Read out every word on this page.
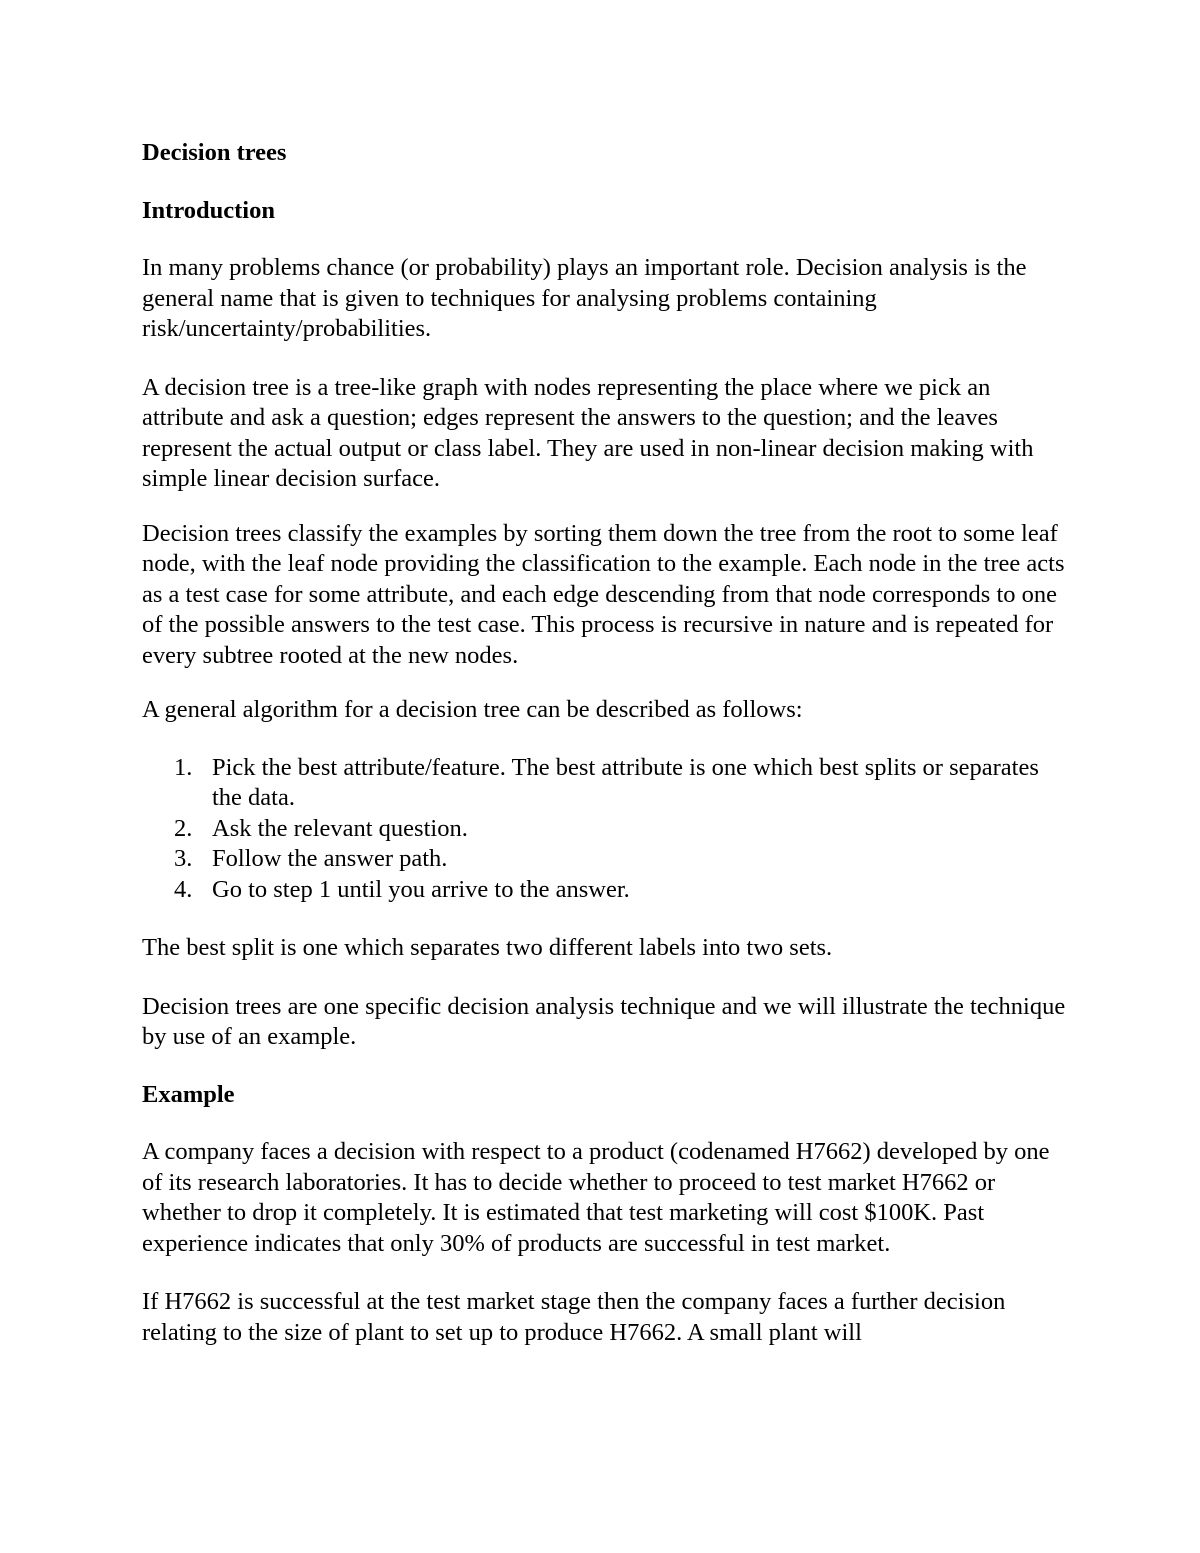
Decision trees
Introduction

In many problems chance (or probability) plays an important role. Decision analysis is the general name that is given to techniques for analysing problems containing risk/uncertainty/probabilities.

A decision tree is a tree-like graph with nodes representing the place where we pick an attribute and ask a question; edges represent the answers to the question; and the leaves represent the actual output or class label. They are used in non-linear decision making with simple linear decision surface.

Decision trees classify the examples by sorting them down the tree from the root to some leaf node, with the leaf node providing the classification to the example. Each node in the tree acts as a test case for some attribute, and each edge descending from that node corresponds to one of the possible answers to the test case. This process is recursive in nature and is repeated for every subtree rooted at the new nodes.

A general algorithm for a decision tree can be described as follows:

1. Pick the best attribute/feature. The best attribute is one which best splits or separates the data.
2. Ask the relevant question.
3. Follow the answer path.
4. Go to step 1 until you arrive to the answer.

The best split is one which separates two different labels into two sets.

Decision trees are one specific decision analysis technique and we will illustrate the technique by use of an example.

Example

A company faces a decision with respect to a product (codenamed H7662) developed by one of its research laboratories. It has to decide whether to proceed to test market H7662 or whether to drop it completely. It is estimated that test marketing will cost $100K. Past experience indicates that only 30% of products are successful in test market.

If H7662 is successful at the test market stage then the company faces a further decision relating to the size of plant to set up to produce H7662. A small plant will
